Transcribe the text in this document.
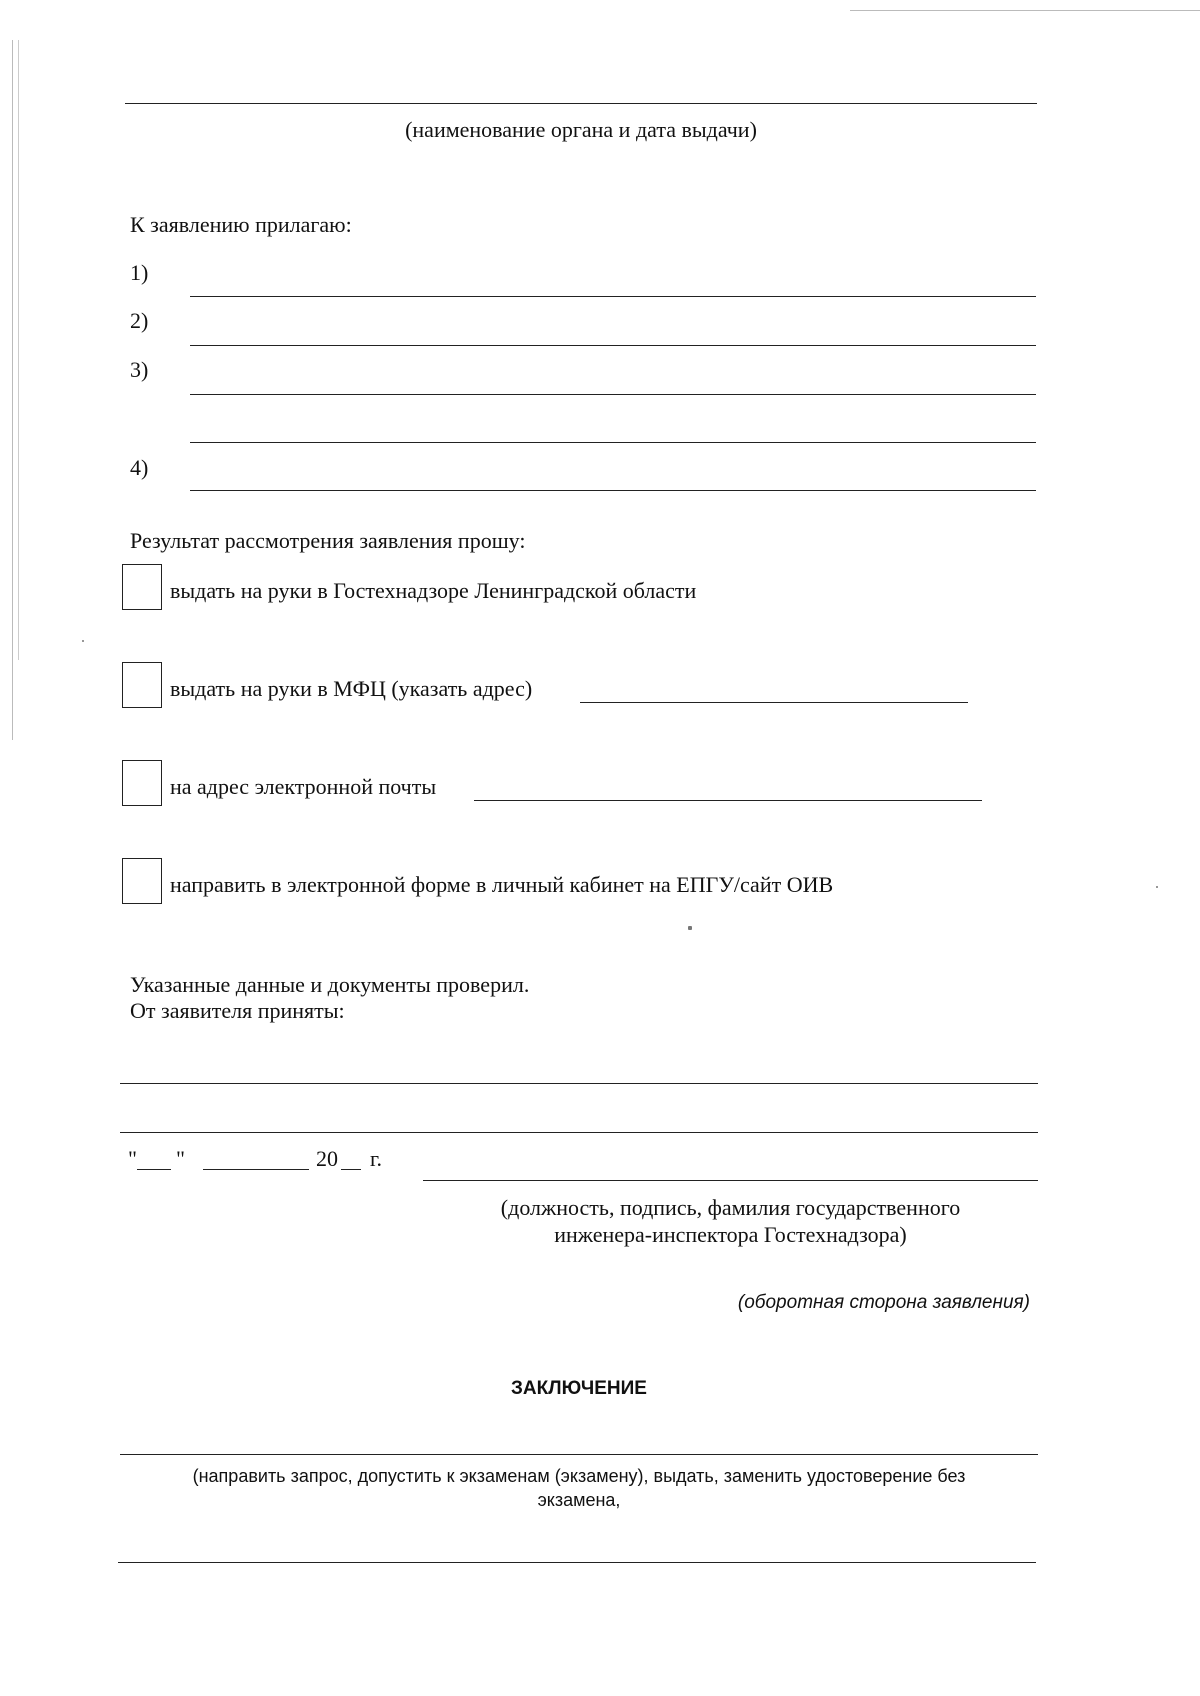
(наименование органа и дата выдачи)
К заявлению прилагаю:
1)
2)
3)
4)
Результат рассмотрения заявления прошу:
выдать на руки в Гостехнадзоре Ленинградской области
выдать на руки в МФЦ (указать адрес)
на адрес электронной почты
направить в электронной форме в личный кабинет на ЕПГУ/сайт ОИВ
Указанные данные и документы проверил.
От заявителя приняты:
" "	20 г.
(должность, подпись, фамилия государственного
инженера-инспектора Гостехнадзора)
(оборотная сторона заявления)
ЗАКЛЮЧЕНИЕ
(направить запрос, допустить к экзаменам (экзамену), выдать, заменить удостоверение без
экзамена,
